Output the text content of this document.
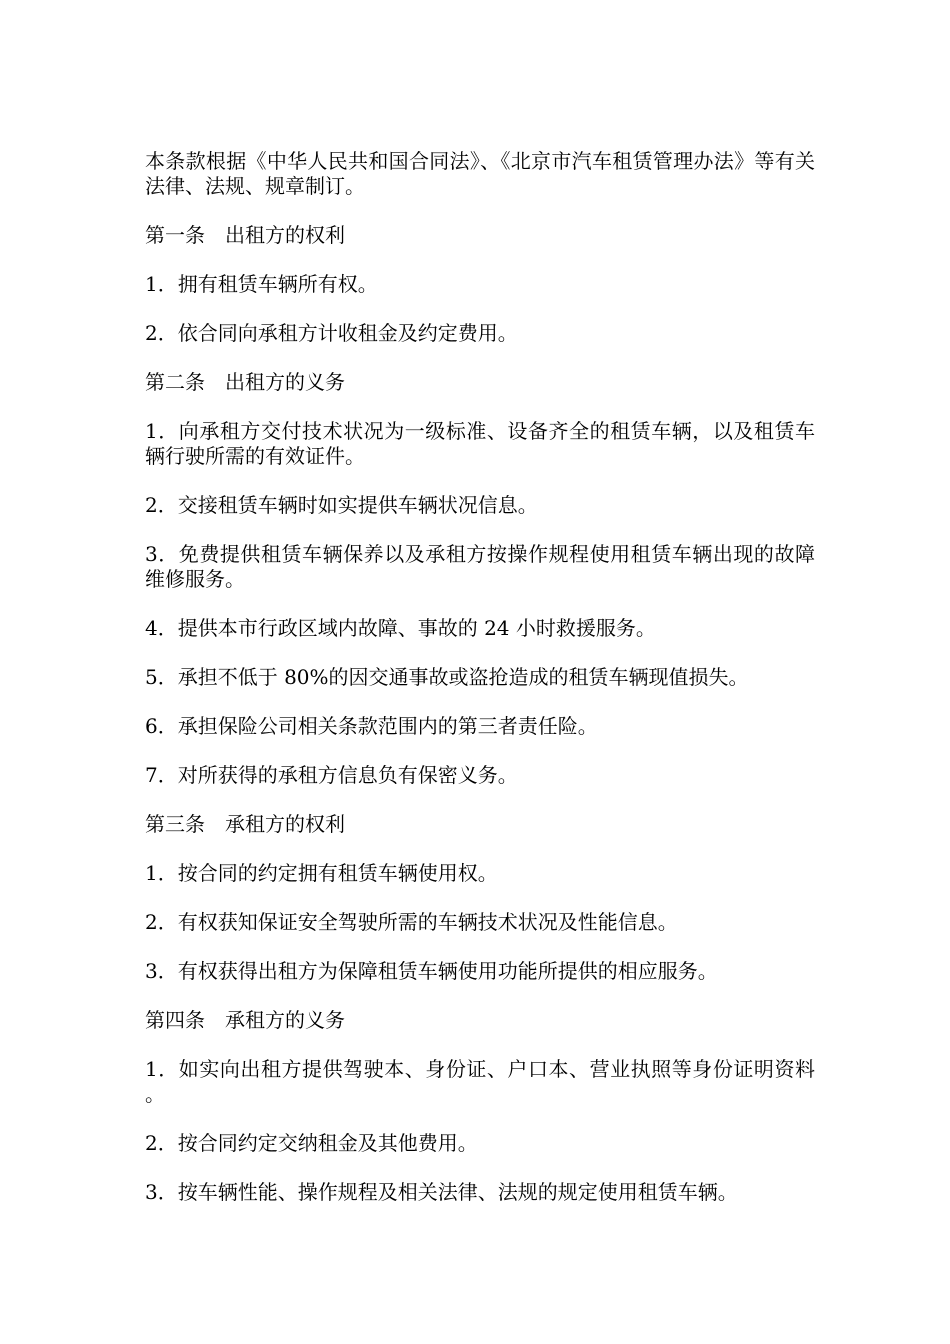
本条款根据《中华人民共和国合同法》、《北京市汽车租赁管理办法》等有关法律、法规、规章制订。

第一条　出租方的权利

1．拥有租赁车辆所有权。

2．依合同向承租方计收租金及约定费用。

第二条　出租方的义务

1．向承租方交付技术状况为一级标准、设备齐全的租赁车辆，以及租赁车辆行驶所需的有效证件。

2．交接租赁车辆时如实提供车辆状况信息。

3．免费提供租赁车辆保养以及承租方按操作规程使用租赁车辆出现的故障维修服务。

4．提供本市行政区域内故障、事故的 24 小时救援服务。

5．承担不低于 80%的因交通事故或盗抢造成的租赁车辆现值损失。

6．承担保险公司相关条款范围内的第三者责任险。

7．对所获得的承租方信息负有保密义务。

第三条　承租方的权利

1．按合同的约定拥有租赁车辆使用权。

2．有权获知保证安全驾驶所需的车辆技术状况及性能信息。

3．有权获得出租方为保障租赁车辆使用功能所提供的相应服务。

第四条　承租方的义务

1．如实向出租方提供驾驶本、身份证、户口本、营业执照等身份证明资料。

2．按合同约定交纳租金及其他费用。

3．按车辆性能、操作规程及相关法律、法规的规定使用租赁车辆。
